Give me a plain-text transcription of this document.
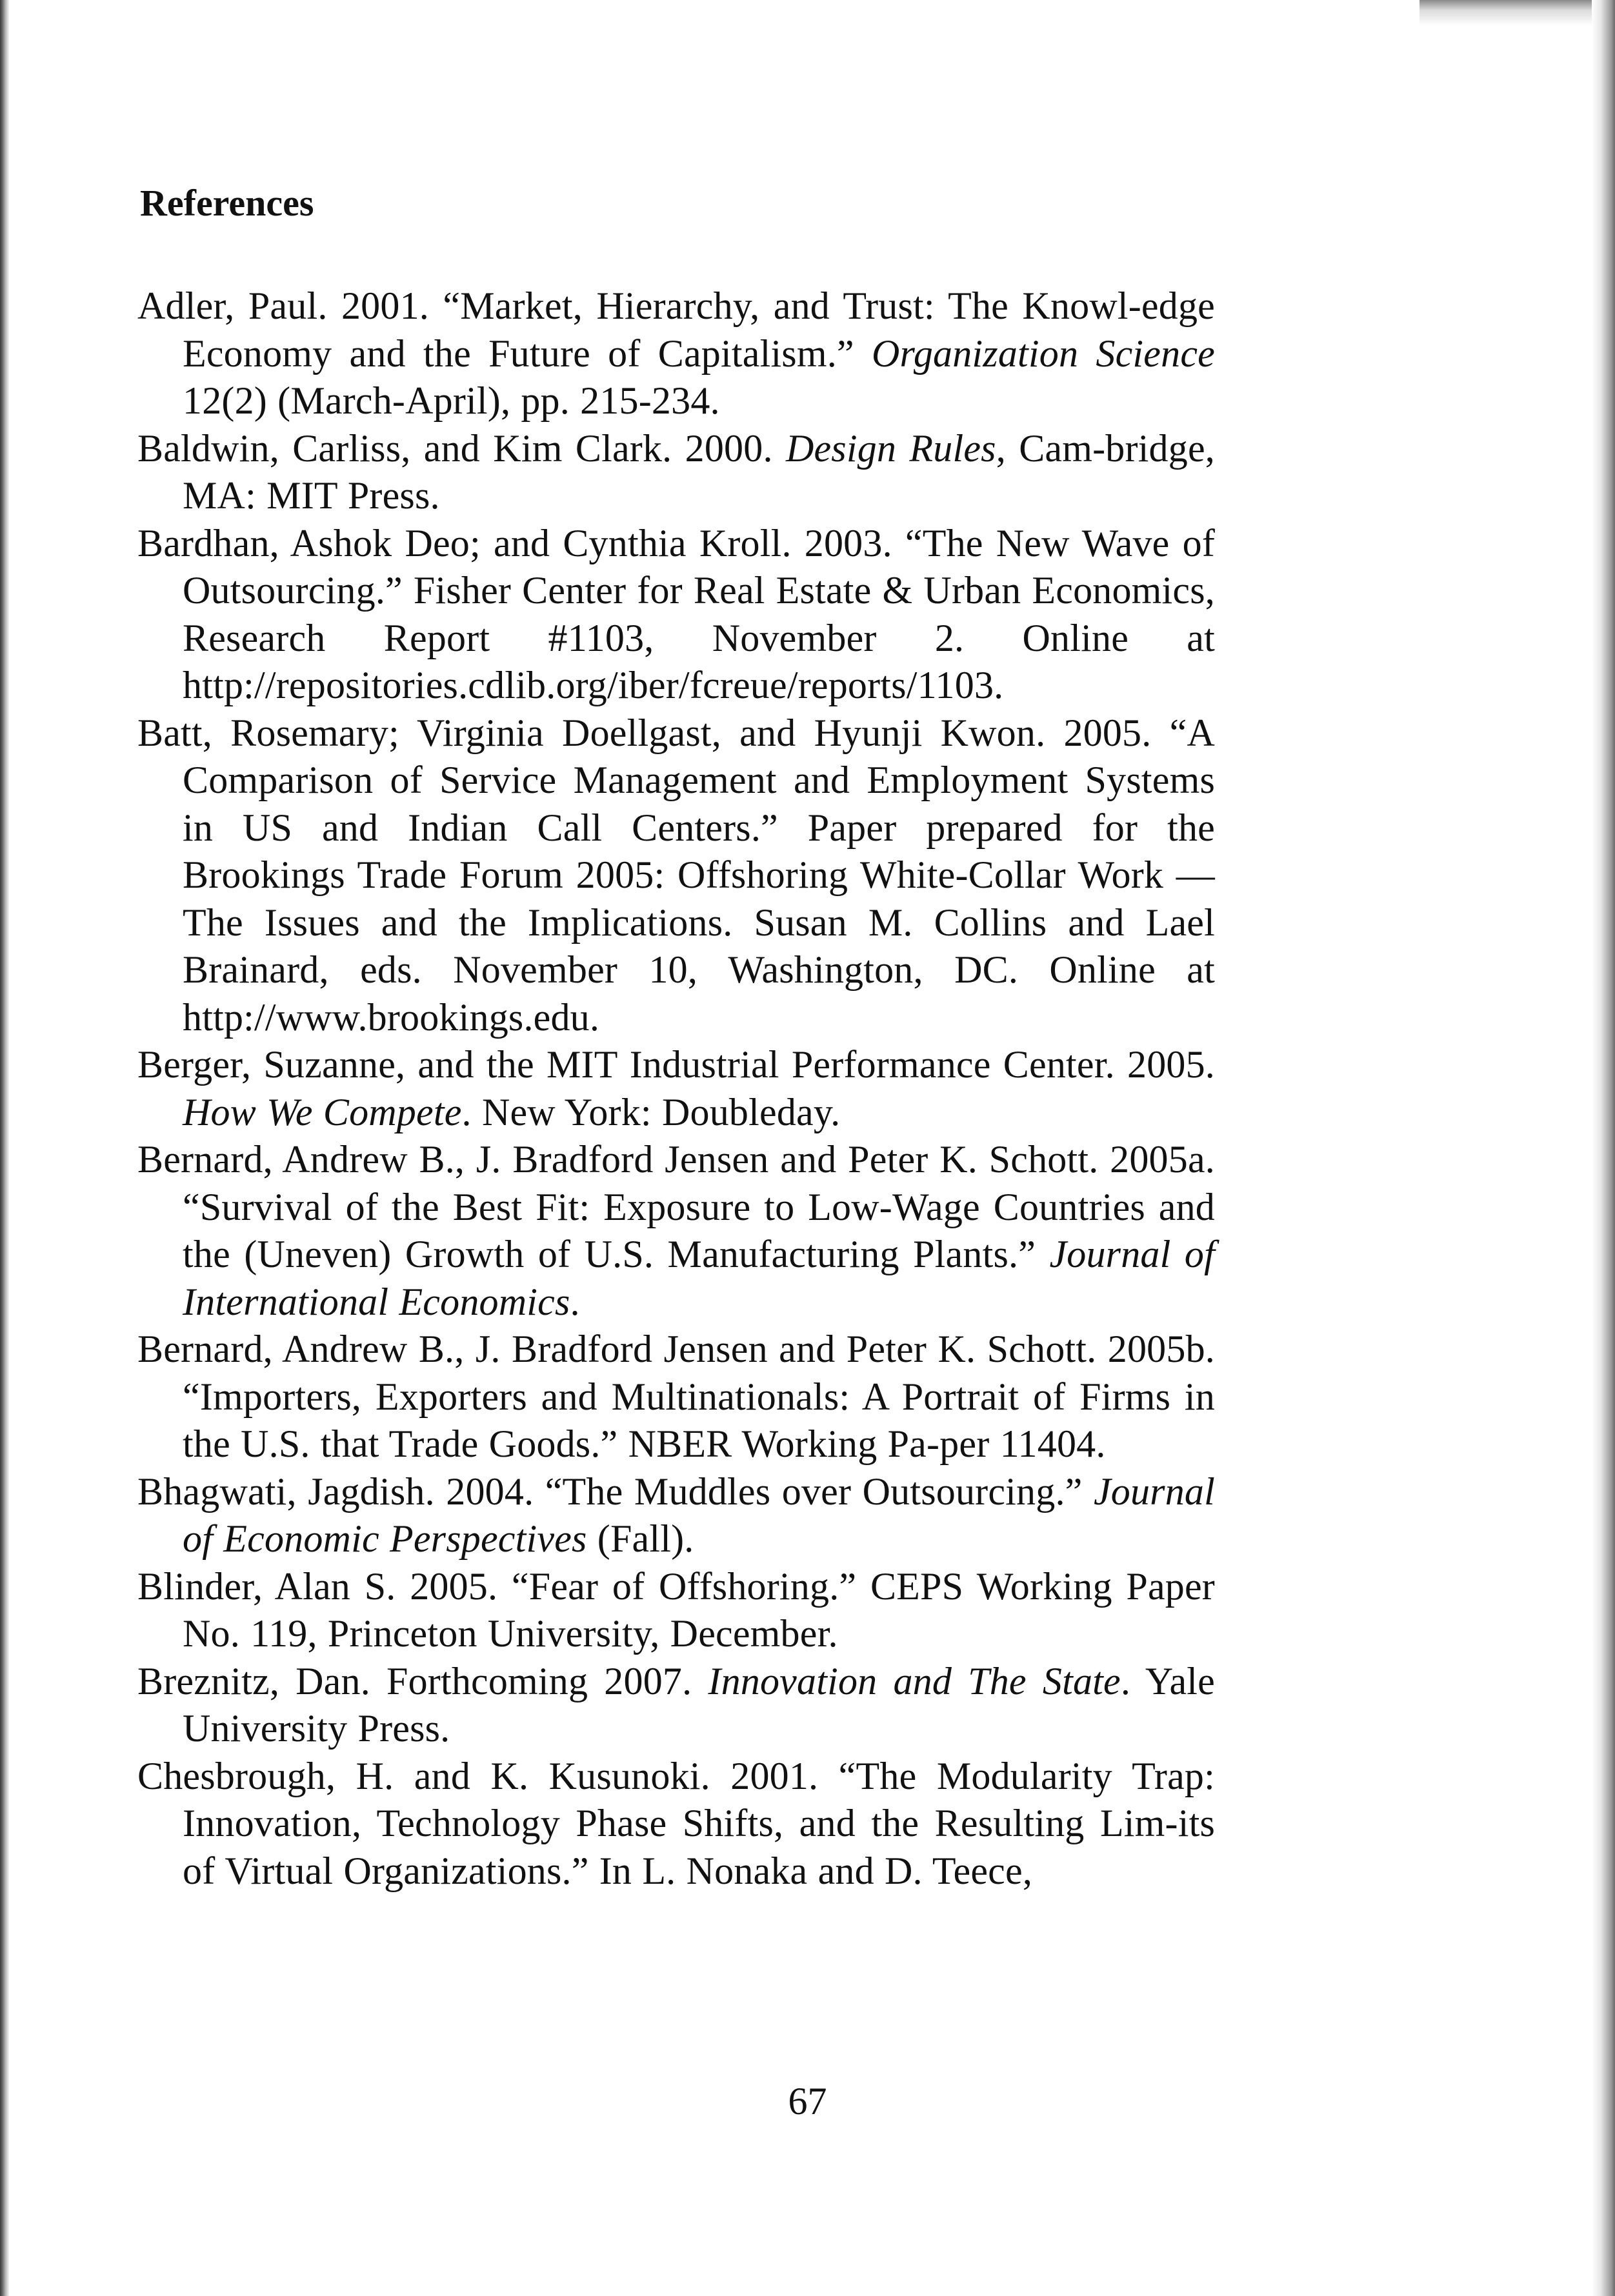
References

Adler, Paul. 2001. “Market, Hierarchy, and Trust: The Knowl-edge Economy and the Future of Capitalism.” Organization Science 12(2) (March-April), pp. 215-234.

Baldwin, Carliss, and Kim Clark. 2000. Design Rules, Cam-bridge, MA: MIT Press.

Bardhan, Ashok Deo; and Cynthia Kroll. 2003. “The New Wave of Outsourcing.” Fisher Center for Real Estate & Urban Economics, Research Report #1103, November 2. Online at http://repositories.cdlib.org/iber/fcreue/reports/1103.

Batt, Rosemary; Virginia Doellgast, and Hyunji Kwon. 2005. “A Comparison of Service Management and Employment Systems in US and Indian Call Centers.” Paper prepared for the Brookings Trade Forum 2005: Offshoring White-Collar Work — The Issues and the Implications. Susan M. Collins and Lael Brainard, eds. November 10, Washington, DC. Online at http://www.brookings.edu.

Berger, Suzanne, and the MIT Industrial Performance Center. 2005. How We Compete. New York: Doubleday.

Bernard, Andrew B., J. Bradford Jensen and Peter K. Schott. 2005a. “Survival of the Best Fit: Exposure to Low-Wage Countries and the (Uneven) Growth of U.S. Manufacturing Plants.” Journal of International Economics.

Bernard, Andrew B., J. Bradford Jensen and Peter K. Schott. 2005b. “Importers, Exporters and Multinationals: A Portrait of Firms in the U.S. that Trade Goods.” NBER Working Pa-per 11404.

Bhagwati, Jagdish. 2004. “The Muddles over Outsourcing.” Journal of Economic Perspectives (Fall).

Blinder, Alan S. 2005. “Fear of Offshoring.” CEPS Working Paper No. 119, Princeton University, December.

Breznitz, Dan. Forthcoming 2007. Innovation and The State. Yale University Press.

Chesbrough, H. and K. Kusunoki. 2001. “The Modularity Trap: Innovation, Technology Phase Shifts, and the Resulting Lim-its of Virtual Organizations.” In L. Nonaka and D. Teece,

67
